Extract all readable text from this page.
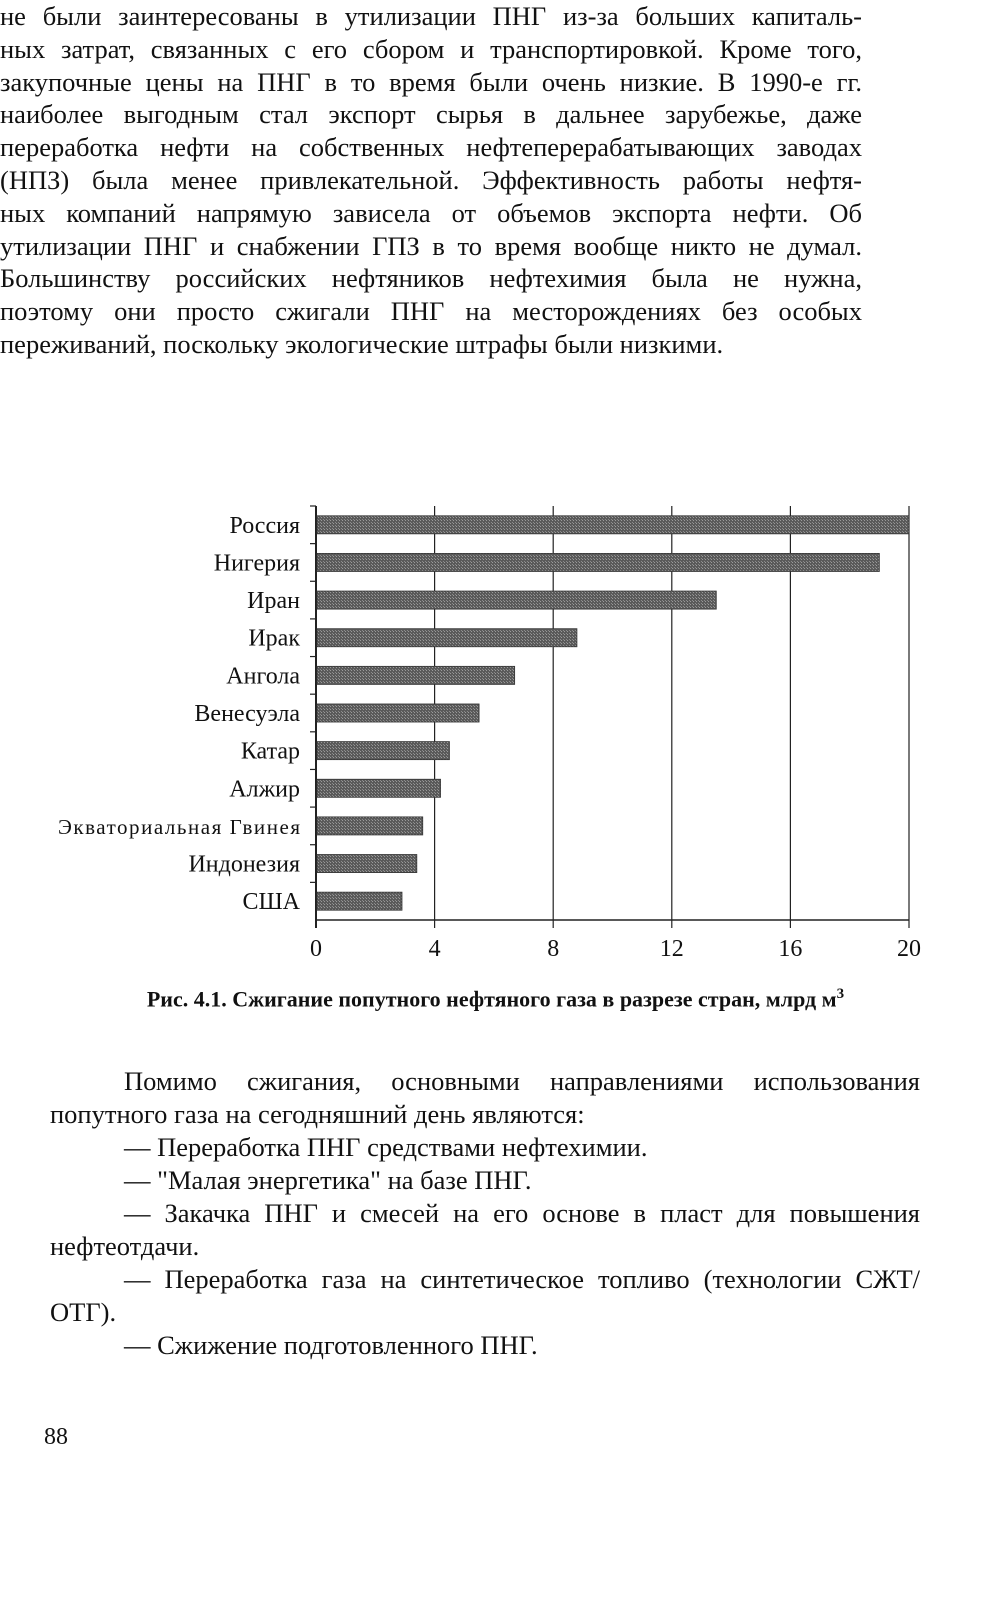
не были заинтересованы в утилизации ПНГ из-за больших капиталь-

ных затрат, связанных с его сбором и транспортировкой. Кроме того,

закупочные цены на ПНГ в то время были очень низкие. В 1990-е гг.

наиболее выгодным стал экспорт сырья в дальнее зарубежье, даже

переработка нефти на собственных нефтеперерабатывающих заводах

(НПЗ) была менее привлекательной. Эффективность работы нефтя-

ных компаний напрямую зависела от объемов экспорта нефти. Об

утилизации ПНГ и снабжении ГПЗ в то время вообще никто не думал.

Большинству российских нефтяников нефтехимия была не нужна,

поэтому они просто сжигали ПНГ на месторождениях без особых

переживаний, поскольку экологические штрафы были низкими.

Россия
Нигерия
Иран
Ирак
Ангола
Венесуэла
Катар
Алжир
Экваториальная Гвинея
Индонезия
США
0	4	8	12	16	20
Рис. 4.1. Сжигание попутного нефтяного газа в разрезе стран, млрд $м^3$

Помимо сжигания, основными направлениями использования

попутного газа на сегодняшний день являются:

— Переработка ПНГ средствами нефтехимии.

— "Малая энергетика" на базе ПНГ.

— Закачка ПНГ и смесей на его основе в пласт для повышения нефтеотдачи.

— Переработка газа на синтетическое топливо (технологии СЖТ/ОТГ).

— Сжижение подготовленного ПНГ.

88
